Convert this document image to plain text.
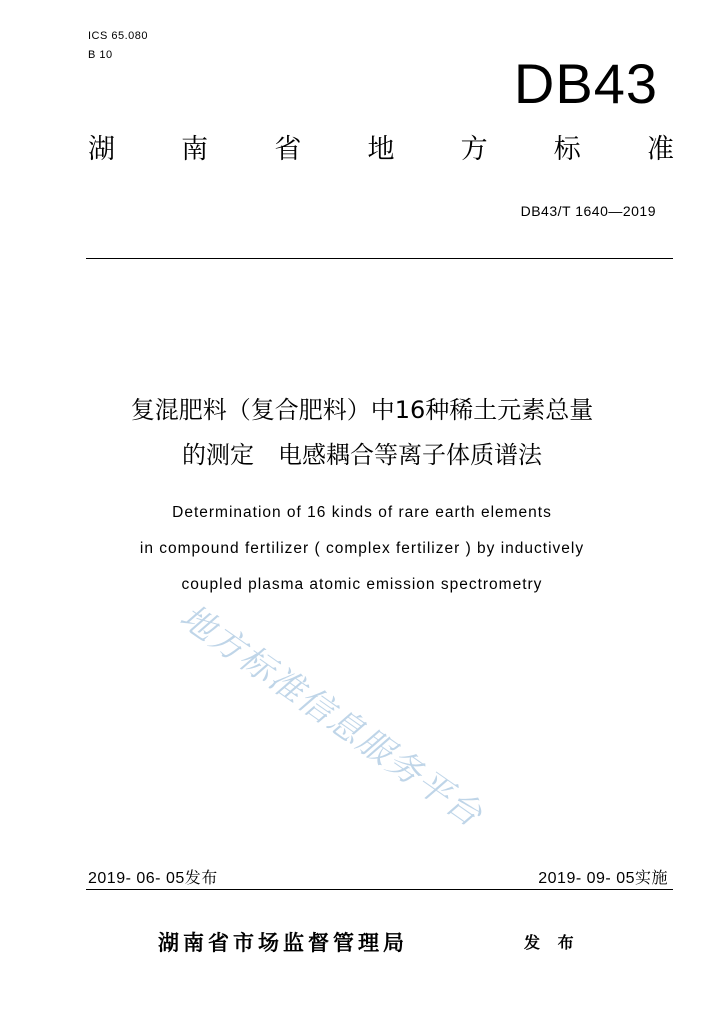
ICS 65.080
B 10	DB43
湖 南 省 地 方 标 准
DB43/T 1640—2019
复混肥料（复合肥料）中16种稀土元素总量
的测定　电感耦合等离子体质谱法
Determination of 16 kinds of rare earth elements
in compound fertilizer ( complex fertilizer ) by inductively
coupled plasma atomic emission spectrometry
地方标准信息服务平台
2019- 06- 05发布	2019- 09- 05实施
湖南省市场监督管理局	发 布
